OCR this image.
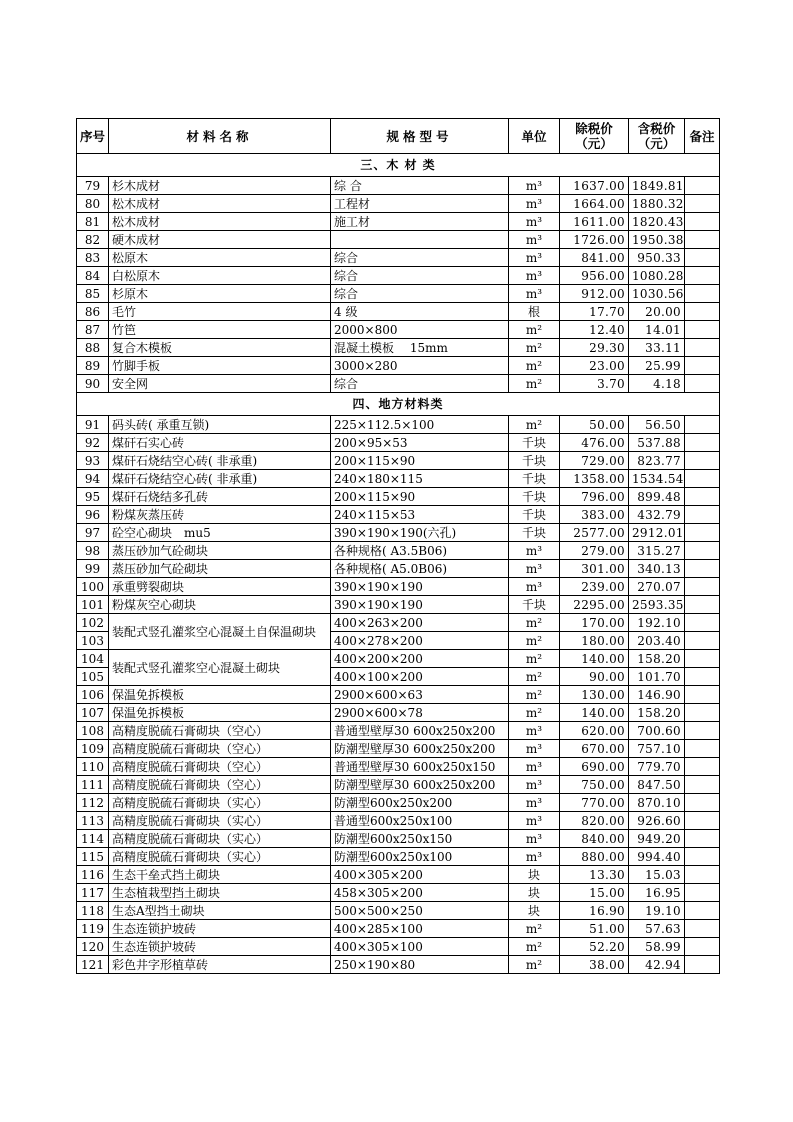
序号	材料名称	规格型号	单位	除税价（元）	含税价（元）	备注
三、木 材 类						
79	杉木成材	综 合	m³	1637.00	1849.81	
80	松木成材	工程材	m³	1664.00	1880.32	
81	松木成材	施工材	m³	1611.00	1820.43	
82	硬木成材		m³	1726.00	1950.38	
83	松原木	综合	m³	841.00	950.33	
84	白松原木	综合	m³	956.00	1080.28	
85	杉原木	综合	m³	912.00	1030.56	
86	毛竹	4 级	根	17.70	20.00	
87	竹笆	2000×800	m²	12.40	14.01	
88	复合木模板	混凝土模板　 15mm	m²	29.30	33.11	
89	竹脚手板	3000×280	m²	23.00	25.99	
90	安全网	综合	m²	3.70	4.18	
四、地方材料类						
91	码头砖( 承重互锁)	225×112.5×100	m²	50.00	56.50	
92	煤矸石实心砖	200×95×53	千块	476.00	537.88	
93	煤矸石烧结空心砖( 非承重)	200×115×90	千块	729.00	823.77	
94	煤矸石烧结空心砖( 非承重)	240×180×115	千块	1358.00	1534.54	
95	煤矸石烧结多孔砖	200×115×90	千块	796.00	899.48	
96	粉煤灰蒸压砖	240×115×53	千块	383.00	432.79	
97	砼空心砌块　mu5	390×190×190(六孔)	千块	2577.00	2912.01	
98	蒸压砂加气砼砌块	各种规格( A3.5B06)	m³	279.00	315.27	
99	蒸压砂加气砼砌块	各种规格( A5.0B06)	m³	301.00	340.13	
100	承重劈裂砌块	390×190×190	m³	239.00	270.07	
101	粉煤灰空心砌块	390×190×190	千块	2295.00	2593.35	
102	装配式竖孔灌浆空心混凝土自保温砌块	400×263×200	m²	170.00	192.10	
103		400×278×200	m²	180.00	203.40	
104	装配式竖孔灌浆空心混凝土砌块	400×200×200	m²	140.00	158.20	
105		400×100×200	m²	90.00	101.70	
106	保温免拆模板	2900×600×63	m²	130.00	146.90	
107	保温免拆模板	2900×600×78	m²	140.00	158.20	
108	高精度脱硫石膏砌块（空心）	普通型壁厚30 600x250x200	m³	620.00	700.60	
109	高精度脱硫石膏砌块（空心）	防潮型壁厚30 600x250x200	m³	670.00	757.10	
110	高精度脱硫石膏砌块（空心）	普通型壁厚30 600x250x150	m³	690.00	779.70	
111	高精度脱硫石膏砌块（空心）	防潮型壁厚30 600x250x200	m³	750.00	847.50	
112	高精度脱硫石膏砌块（实心）	防潮型600x250x200	m³	770.00	870.10	
113	高精度脱硫石膏砌块（实心）	普通型600x250x100	m³	820.00	926.60	
114	高精度脱硫石膏砌块（实心）	防潮型600x250x150	m³	840.00	949.20	
115	高精度脱硫石膏砌块（实心）	防潮型600x250x100	m³	880.00	994.40	
116	生态干垒式挡土砌块	400×305×200	块	13.30	15.03	
117	生态植栽型挡土砌块	458×305×200	块	15.00	16.95	
118	生态A型挡土砌块	500×500×250	块	16.90	19.10	
119	生态连锁护坡砖	400×285×100	m²	51.00	57.63	
120	生态连锁护坡砖	400×305×100	m²	52.20	58.99	
121	彩色井字形植草砖	250×190×80	m²	38.00	42.94	
